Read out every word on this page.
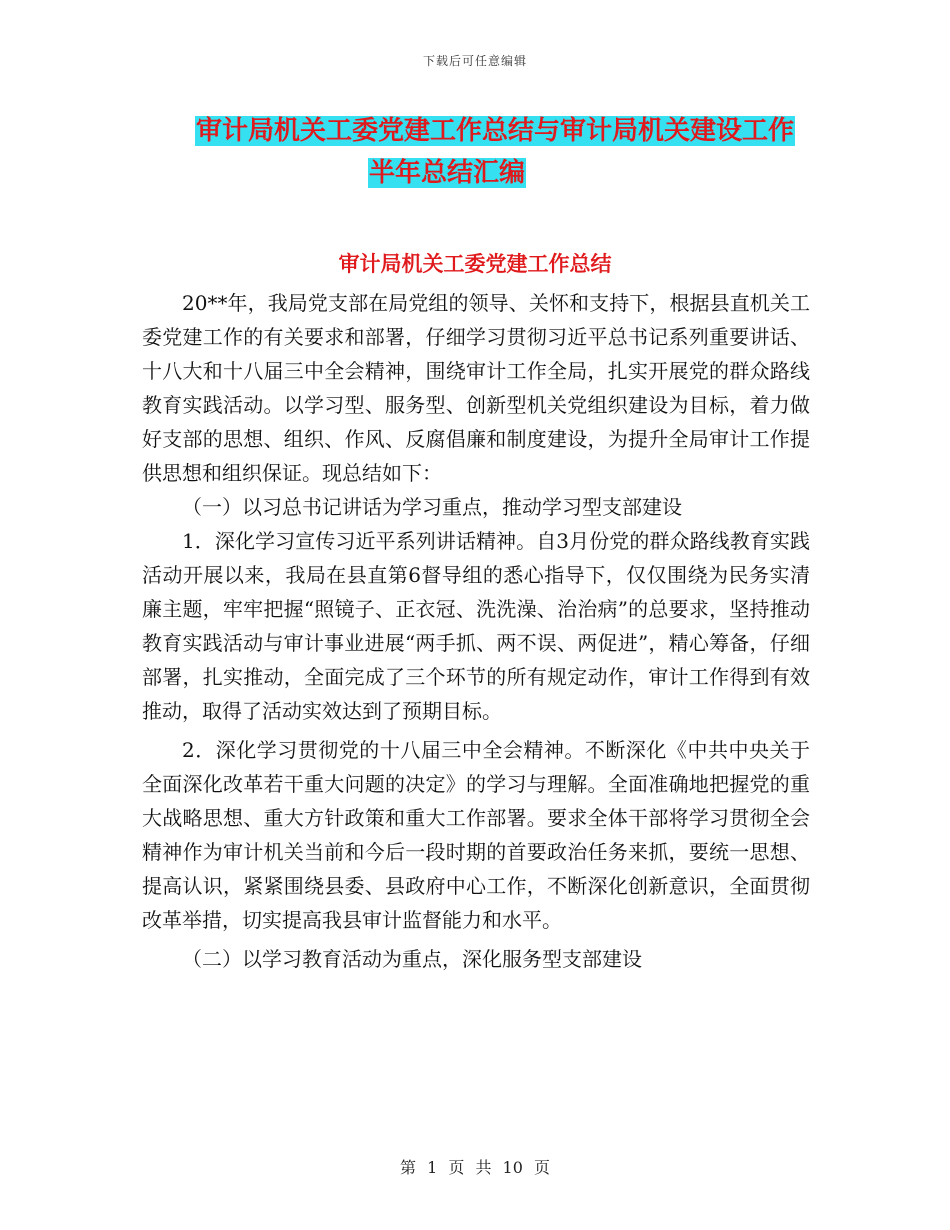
下载后可任意编辑
审计局机关工委党建工作总结与审计局机关建设工作
半年总结汇编
审计局机关工委党建工作总结

20**年，我局党支部在局党组的领导、关怀和支持下，根据县直机关工委党建工作的有关要求和部署，仔细学习贯彻习近平总书记系列重要讲话、十八大和十八届三中全会精神，围绕审计工作全局，扎实开展党的群众路线教育实践活动。以学习型、服务型、创新型机关党组织建设为目标，着力做好支部的思想、组织、作风、反腐倡廉和制度建设，为提升全局审计工作提供思想和组织保证。现总结如下：

（一）以习总书记讲话为学习重点，推动学习型支部建设

1．深化学习宣传习近平系列讲话精神。自3月份党的群众路线教育实践活动开展以来，我局在县直第6督导组的悉心指导下，仅仅围绕为民务实清廉主题，牢牢把握“照镜子、正衣冠、洗洗澡、治治病”的总要求，坚持推动教育实践活动与审计事业进展“两手抓、两不误、两促进”，精心筹备，仔细部署，扎实推动，全面完成了三个环节的所有规定动作，审计工作得到有效推动，取得了活动实效达到了预期目标。

2．深化学习贯彻党的十八届三中全会精神。不断深化《中共中央关于全面深化改革若干重大问题的决定》的学习与理解。全面准确地把握党的重大战略思想、重大方针政策和重大工作部署。要求全体干部将学习贯彻全会精神作为审计机关当前和今后一段时期的首要政治任务来抓，要统一思想、提高认识，紧紧围绕县委、县政府中心工作，不断深化创新意识，全面贯彻改革举措，切实提高我县审计监督能力和水平。

（二）以学习教育活动为重点，深化服务型支部建设

第 1 页 共 10 页
